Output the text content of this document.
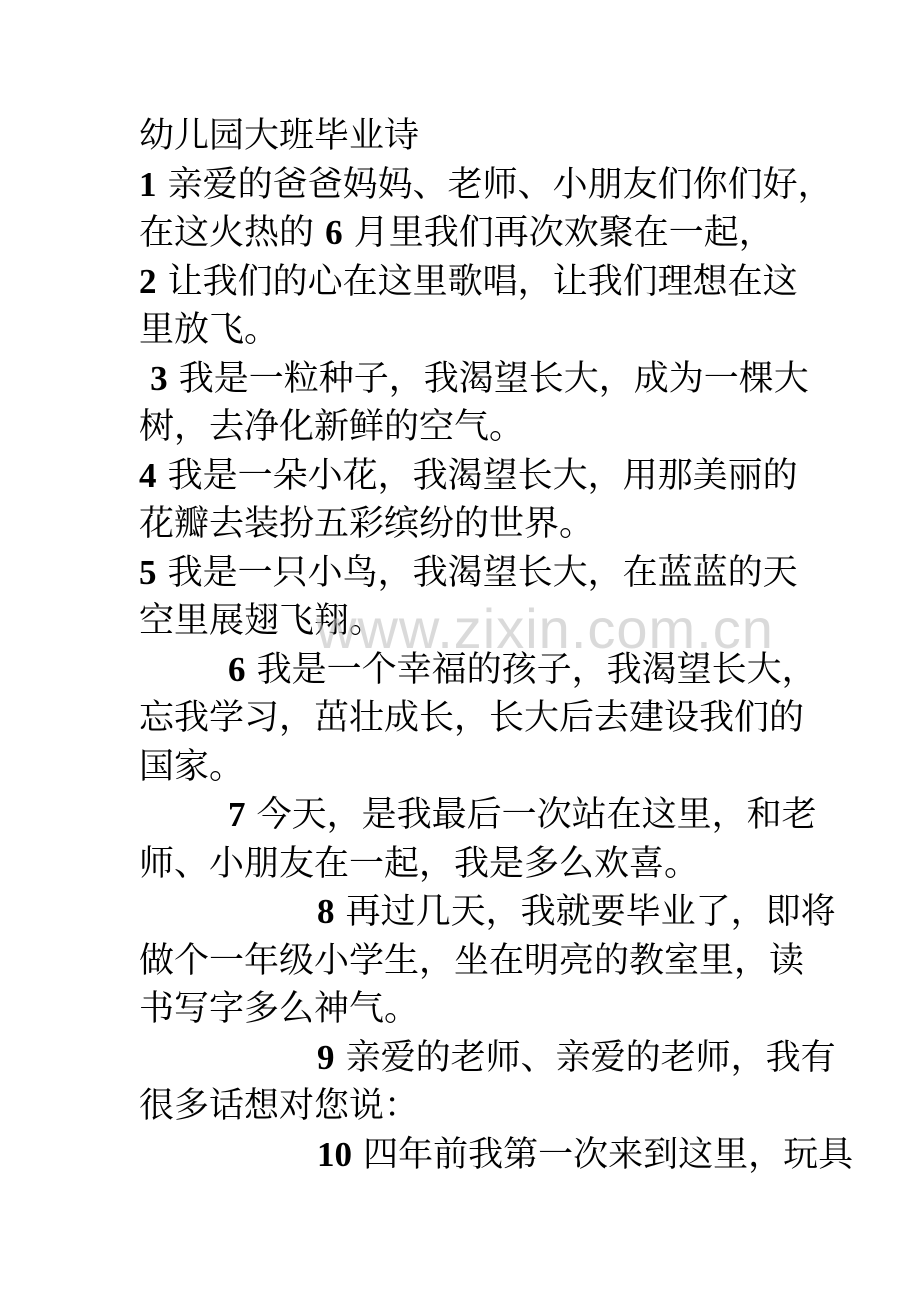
幼儿园大班毕业诗
1 亲爱的爸爸妈妈、老师、小朋友们你们好，
在这火热的 6 月里我们再次欢聚在一起，
2 让我们的心在这里歌唱，让我们理想在这
里放飞。
3 我是一粒种子，我渴望长大，成为一棵大
树，去净化新鲜的空气。
4 我是一朵小花，我渴望长大，用那美丽的
花瓣去装扮五彩缤纷的世界。
5 我是一只小鸟，我渴望长大，在蓝蓝的天
空里展翅飞翔。
6 我是一个幸福的孩子，我渴望长大，
忘我学习，茁壮成长，长大后去建设我们的
国家。
7 今天，是我最后一次站在这里，和老
师、小朋友在一起，我是多么欢喜。
8 再过几天，我就要毕业了，即将
做个一年级小学生，坐在明亮的教室里，读
书写字多么神气。
9 亲爱的老师、亲爱的老师，我有
很多话想对您说：
10 四年前我第一次来到这里，玩具
www.zixin.com.cn
